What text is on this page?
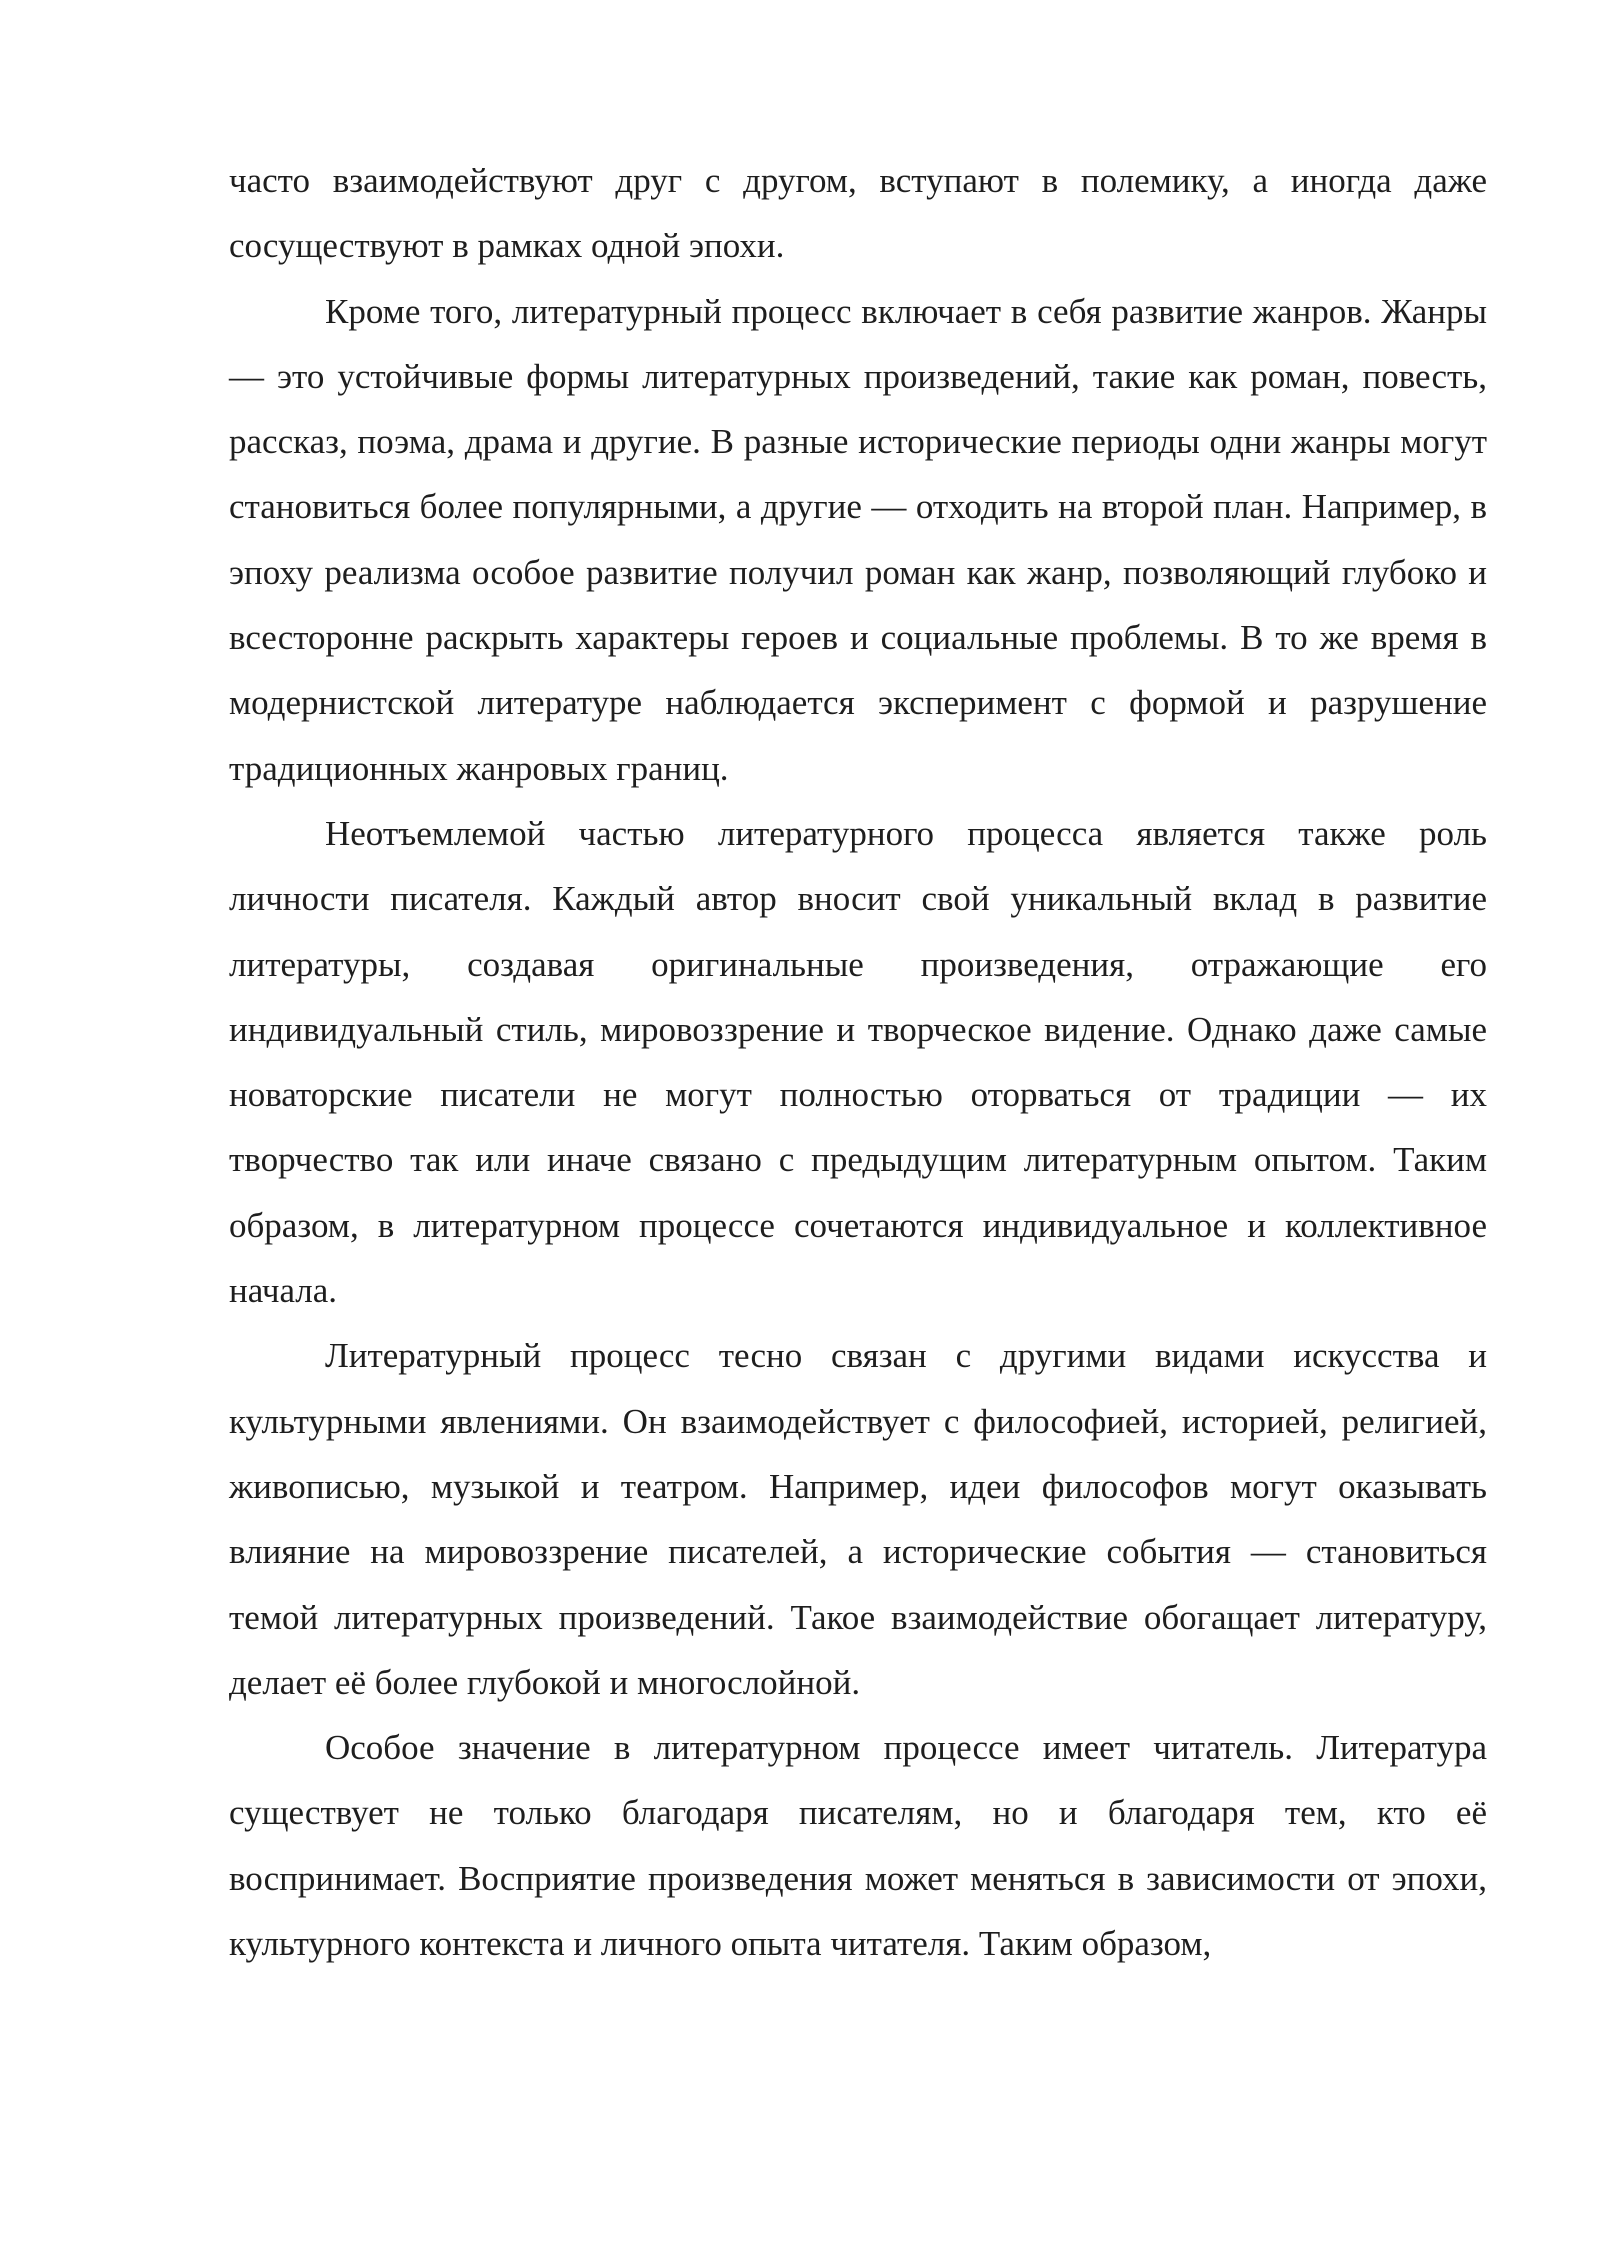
часто взаимодействуют друг с другом, вступают в полемику, а иногда даже сосуществуют в рамках одной эпохи.

Кроме того, литературный процесс включает в себя развитие жанров. Жанры — это устойчивые формы литературных произведений, такие как роман, повесть, рассказ, поэма, драма и другие. В разные исторические периоды одни жанры могут становиться более популярными, а другие — отходить на второй план. Например, в эпоху реализма особое развитие получил роман как жанр, позволяющий глубоко и всесторонне раскрыть характеры героев и социальные проблемы. В то же время в модернистской литературе наблюдается эксперимент с формой и разрушение традиционных жанровых границ.

Неотъемлемой частью литературного процесса является также роль личности писателя. Каждый автор вносит свой уникальный вклад в развитие литературы, создавая оригинальные произведения, отражающие его индивидуальный стиль, мировоззрение и творческое видение. Однако даже самые новаторские писатели не могут полностью оторваться от традиции — их творчество так или иначе связано с предыдущим литературным опытом. Таким образом, в литературном процессе сочетаются индивидуальное и коллективное начала.

Литературный процесс тесно связан с другими видами искусства и культурными явлениями. Он взаимодействует с философией, историей, религией, живописью, музыкой и театром. Например, идеи философов могут оказывать влияние на мировоззрение писателей, а исторические события — становиться темой литературных произведений. Такое взаимодействие обогащает литературу, делает её более глубокой и многослойной.

Особое значение в литературном процессе имеет читатель. Литература существует не только благодаря писателям, но и благодаря тем, кто её воспринимает. Восприятие произведения может меняться в зависимости от эпохи, культурного контекста и личного опыта читателя. Таким образом,
